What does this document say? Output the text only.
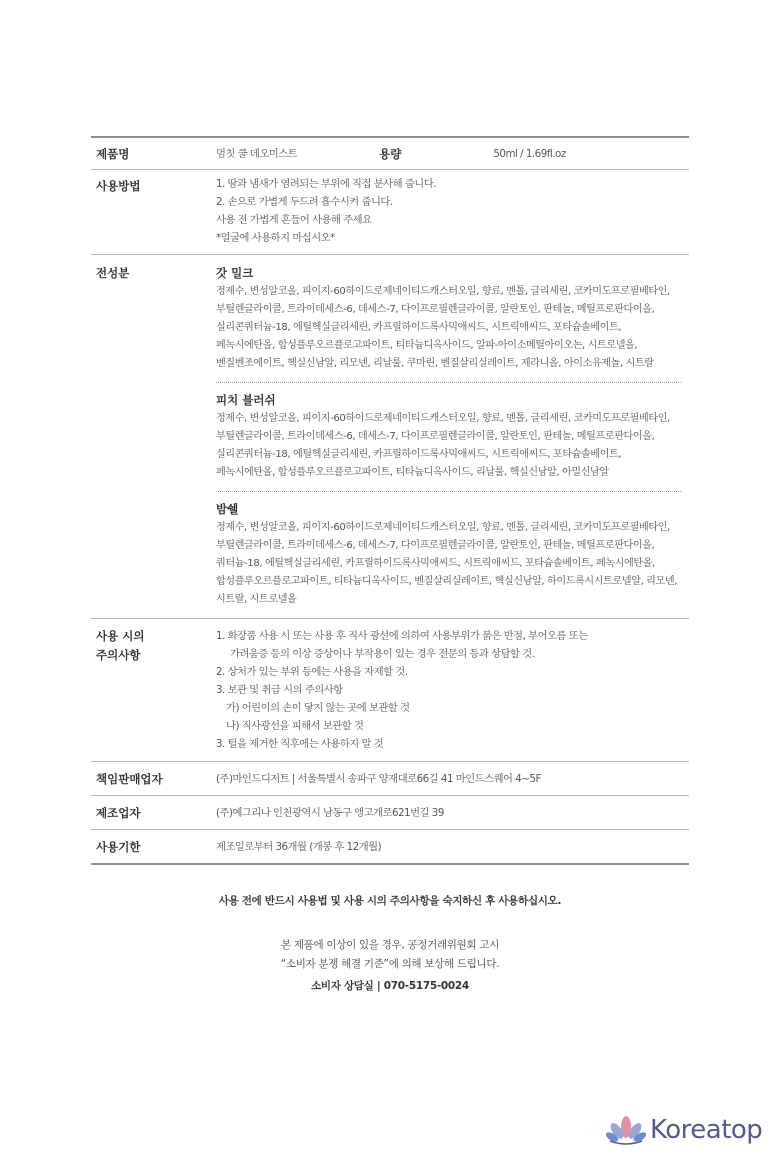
제품명	멈칫 쿨 데오미스트	용량	50ml / 1.69fl.oz
사용방법	1. 땀과 냄새가 염려되는 부위에 직접 분사해 줍니다.
2. 손으로 가볍게 두드려 흡수시켜 줍니다.
사용 전 가볍게 흔들어 사용해 주세요
*얼굴에 사용하지 마십시오*
전성분	갓 밀크
정제수, 변성알코올, 피이지-60하이드로제네이티드캐스터오일, 향료, 멘톨, 글리세린, 코카미도프로필베타인, 부틸렌글라이콜, 트라이데세스-6, 데세스-7, 다이프로필렌글라이콜, 알란토인, 판테놀, 메틸프로판다이올, 실리콘쿼터늄-18, 에틸헥실글리세린, 카프릴하이드록사믹애씨드, 시트릭애씨드, 포타슘솔베이트, 페녹시에탄올, 합성플루오르플로고파이트, 티타늄디옥사이드, 알파-아이소메틸아이오논, 시트로넬올, 벤질벤조에이트, 헥실신남알, 리모넨, 리날룰, 쿠마린, 벤질살리실레이트, 제라니올, 아이소유제놀, 시트랄
피치 블러쉬
정제수, 변성알코올, 피이지-60하이드로제네이티드캐스터오일, 향료, 멘톨, 글리세린, 코카미도프로필베타인, 부틸렌글라이콜, 트라이데세스-6, 데세스-7, 다이프로필렌글라이콜, 알란토인, 판테놀, 메틸프로판다이올, 실리콘쿼터늄-18, 에틸헥실글리세린, 카프릴하이드록사믹애씨드, 시트릭애씨드, 포타슘솔베이트, 페녹시에탄올, 합성플루오르플로고파이트, 티타늄디옥사이드, 리날룰, 헥실신남알, 아밀신남알
밤쉘
정제수, 변성알코올, 피이지-60하이드로제네이티드캐스터오일, 향료, 멘톨, 글리세린, 코카미도프로필베타인, 부틸렌글라이콜, 트라이데세스-6, 데세스-7, 다이프로필렌글라이콜, 알란토인, 판테놀, 메틸프로판다이올, 쿼터늄-18, 에틸헥실글리세린, 카프릴하이드록사믹애씨드, 시트릭애씨드, 포타슘솔베이트, 페녹시에탄올, 합성플루오르플로고파이트, 티타늄디옥사이드, 벤질살리실레이트, 헥실신남알, 하이드록시시트로넬알, 리모넨, 시트랄, 시트로넬올
사용 시의
주의사항
1. 화장품 사용 시 또는 사용 후 직사 광선에 의하여 사용부위가 붉은 반점, 부어오름 또는
가려움증 등의 이상 증상이나 부작용이 있는 경우 전문의 등과 상담할 것.
2. 상처가 있는 부위 등에는 사용을 자제할 것.
3. 보관 및 취급 시의 주의사항
가) 어린이의 손이 닿지 않는 곳에 보관할 것
나) 직사광선을 피해서 보관할 것
3. 털을 제거한 직후에는 사용하지 말 것
책임판매업자	(주)마인드디저트 | 서울특별시 송파구 양재대로66길 41 마인드스퀘어 4~5F
제조업자	(주)예그리나 인천광역시 남동구 앵고개로621번길 39
사용기한	제조일로부터 36개월 (개봉 후 12개월)
사용 전에 반드시 사용법 및 사용 시의 주의사항을 숙지하신 후 사용하십시오.
본 제품에 이상이 있을 경우, 공정거래위원회 고시
“소비자 분쟁 해결 기준”에 의해 보상해 드립니다.
소비자 상담실 | 070-5175-0024
Koreatop
